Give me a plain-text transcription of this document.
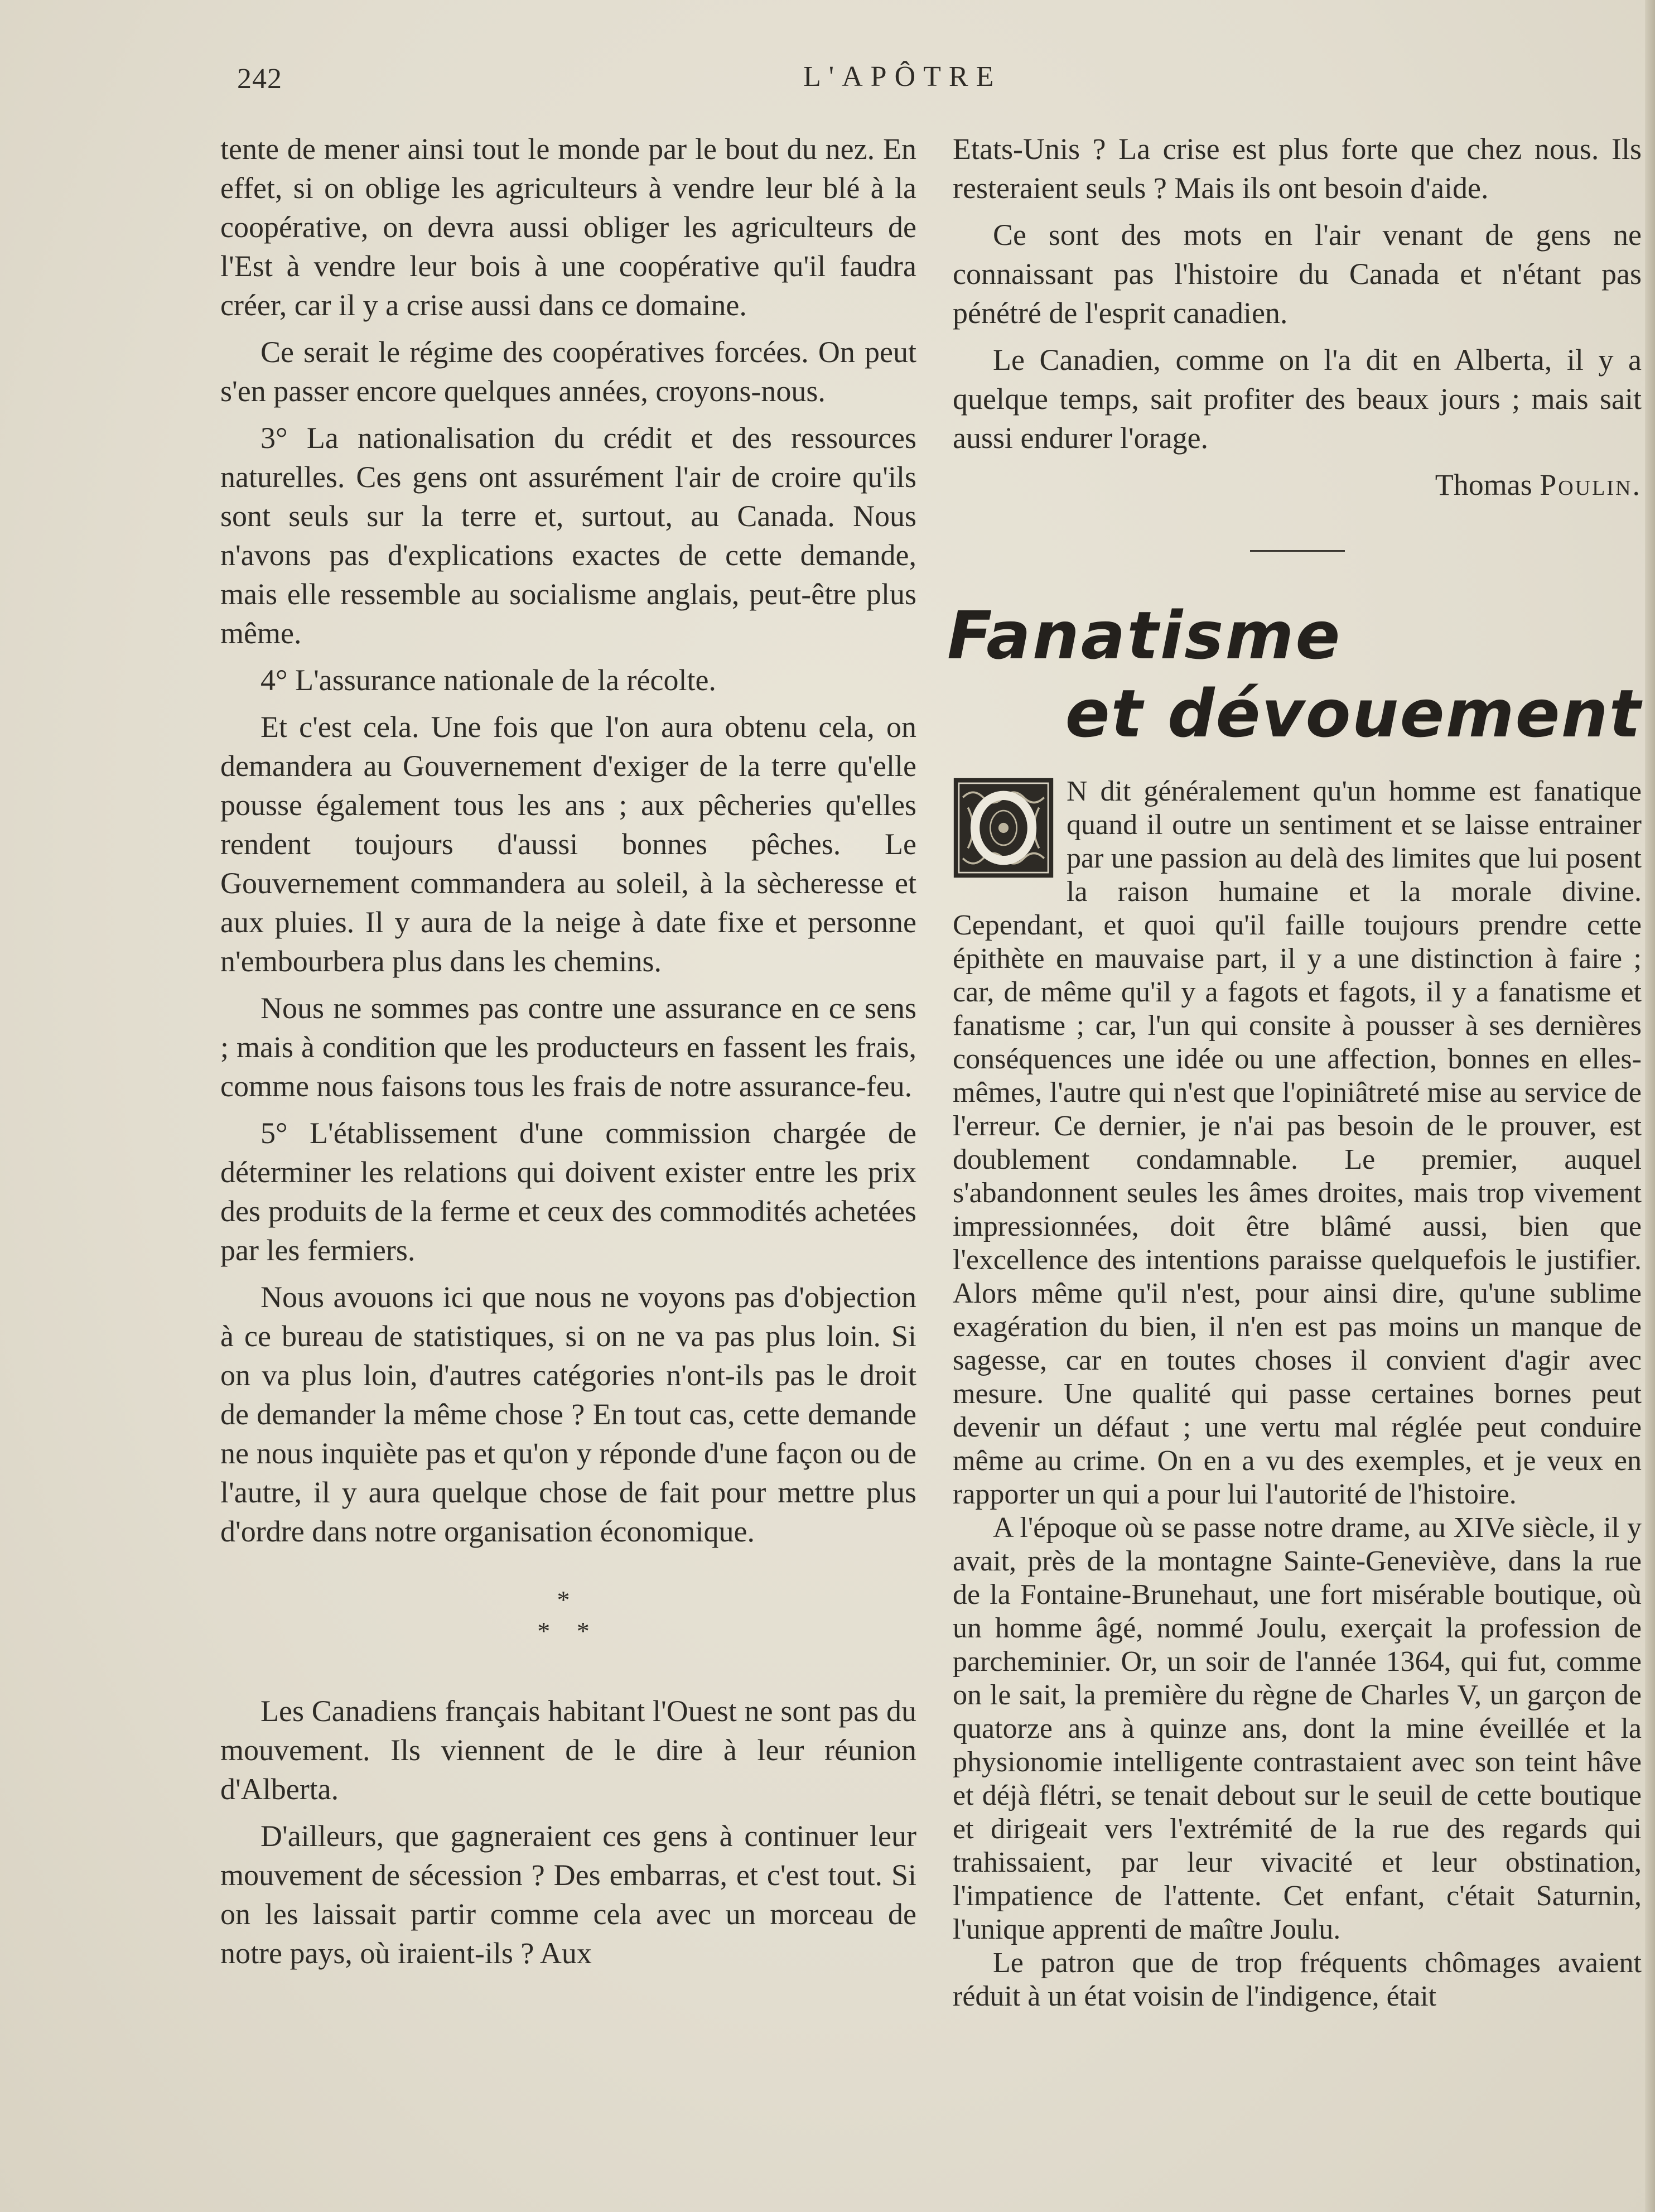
242	L'APÔTRE

tente de mener ainsi tout le monde par le bout du nez. En effet, si on oblige les agriculteurs à vendre leur blé à la coopérative, on devra aussi obliger les agriculteurs de l'Est à vendre leur bois à une coopérative qu'il faudra créer, car il y a crise aussi dans ce domaine.

Ce serait le régime des coopératives forcées. On peut s'en passer encore quelques années, croyons-nous.

3° La nationalisation du crédit et des ressources naturelles. Ces gens ont assurément l'air de croire qu'ils sont seuls sur la terre et, surtout, au Canada. Nous n'avons pas d'explications exactes de cette demande, mais elle ressemble au socialisme anglais, peut-être plus même.

4° L'assurance nationale de la récolte.

Et c'est cela. Une fois que l'on aura obtenu cela, on demandera au Gouvernement d'exiger de la terre qu'elle pousse également tous les ans ; aux pêcheries qu'elles rendent toujours d'aussi bonnes pêches. Le Gouvernement commandera au soleil, à la sècheresse et aux pluies. Il y aura de la neige à date fixe et personne n'embourbera plus dans les chemins.

Nous ne sommes pas contre une assurance en ce sens ; mais à condition que les producteurs en fassent les frais, comme nous faisons tous les frais de notre assurance-feu.

5° L'établissement d'une commission chargée de déterminer les relations qui doivent exister entre les prix des produits de la ferme et ceux des commodités achetées par les fermiers.

Nous avouons ici que nous ne voyons pas d'objection à ce bureau de statistiques, si on ne va pas plus loin. Si on va plus loin, d'autres catégories n'ont-ils pas le droit de demander la même chose ? En tout cas, cette demande ne nous inquiète pas et qu'on y réponde d'une façon ou de l'autre, il y aura quelque chose de fait pour mettre plus d'ordre dans notre organisation économique.

*
* *

Les Canadiens français habitant l'Ouest ne sont pas du mouvement. Ils viennent de le dire à leur réunion d'Alberta.

D'ailleurs, que gagneraient ces gens à continuer leur mouvement de sécession ? Des embarras, et c'est tout. Si on les laissait partir comme cela avec un morceau de notre pays, où iraient-ils ? Aux

Etats-Unis ? La crise est plus forte que chez nous. Ils resteraient seuls ? Mais ils ont besoin d'aide.

Ce sont des mots en l'air venant de gens ne connaissant pas l'histoire du Canada et n'étant pas pénétré de l'esprit canadien.

Le Canadien, comme on l'a dit en Alberta, il y a quelque temps, sait profiter des beaux jours ; mais sait aussi endurer l'orage.

Thomas Poulin.

Fanatisme
et dévouement

N dit généralement qu'un homme est fanatique quand il outre un sentiment et se laisse entrainer par une passion au delà des limites que lui posent la raison humaine et la morale divine. Cependant, et quoi qu'il faille toujours prendre cette épithète en mauvaise part, il y a une distinction à faire ; car, de même qu'il y a fagots et fagots, il y a fanatisme et fanatisme ; car, l'un qui consite à pousser à ses dernières conséquences une idée ou une affection, bonnes en elles-mêmes, l'autre qui n'est que l'opiniâtreté mise au service de l'erreur. Ce dernier, je n'ai pas besoin de le prouver, est doublement condamnable. Le premier, auquel s'abandonnent seules les âmes droites, mais trop vivement impressionnées, doit être blâmé aussi, bien que l'excellence des intentions paraisse quelquefois le justifier. Alors même qu'il n'est, pour ainsi dire, qu'une sublime exagération du bien, il n'en est pas moins un manque de sagesse, car en toutes choses il convient d'agir avec mesure. Une qualité qui passe certaines bornes peut devenir un défaut ; une vertu mal réglée peut conduire même au crime. On en a vu des exemples, et je veux en rapporter un qui a pour lui l'autorité de l'histoire.

A l'époque où se passe notre drame, au XIVe siècle, il y avait, près de la montagne Sainte-Geneviève, dans la rue de la Fontaine-Brunehaut, une fort misérable boutique, où un homme âgé, nommé Joulu, exerçait la profession de parcheminier. Or, un soir de l'année 1364, qui fut, comme on le sait, la première du règne de Charles V, un garçon de quatorze ans à quinze ans, dont la mine éveillée et la physionomie intelligente contrastaient avec son teint hâve et déjà flétri, se tenait debout sur le seuil de cette boutique et dirigeait vers l'extrémité de la rue des regards qui trahissaient, par leur vivacité et leur obstination, l'impatience de l'attente. Cet enfant, c'était Saturnin, l'unique apprenti de maître Joulu.

Le patron que de trop fréquents chômages avaient réduit à un état voisin de l'indigence, était
